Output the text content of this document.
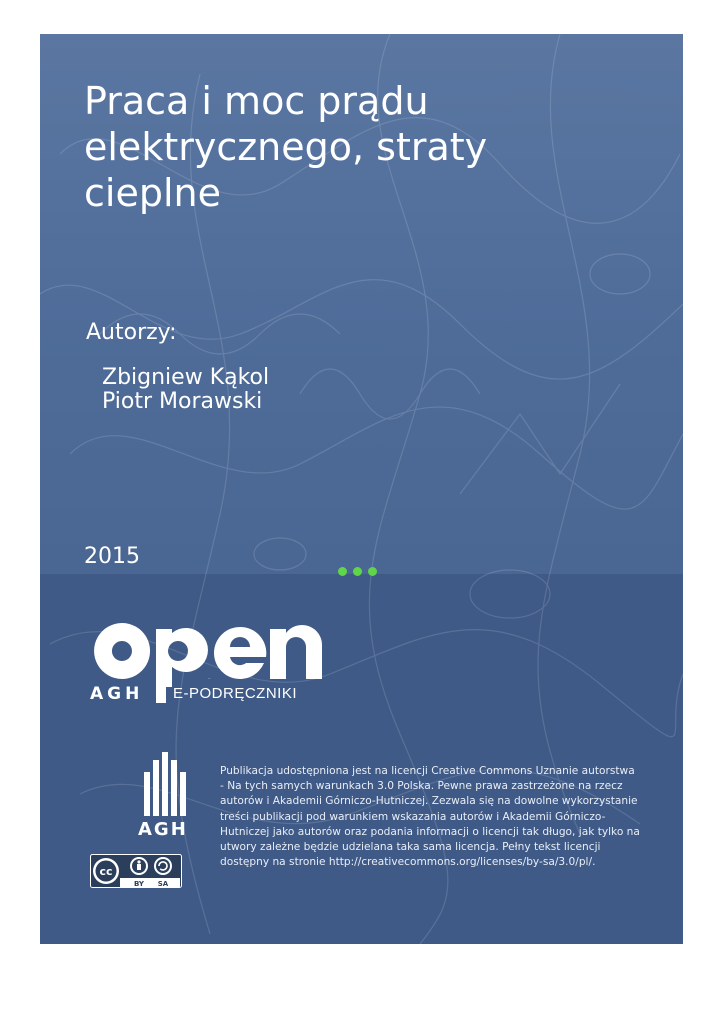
Praca i moc prądu
elektrycznego, straty
cieplne
Autorzy:
Zbigniew Kąkol
Piotr Morawski
2015
open
AGH E-PODRĘCZNIKI
AGH
cc
BY SA

Publikacja udostępniona jest na licencji Creative Commons Uznanie autorstwa - Na tych samych warunkach 3.0 Polska. Pewne prawa zastrzeżone na rzecz autorów i Akademii Górniczo-Hutniczej. Zezwala się na dowolne wykorzystanie treści publikacji pod warunkiem wskazania autorów i Akademii Górniczo-Hutniczej jako autorów oraz podania informacji o licencji tak długo, jak tylko na utwory zależne będzie udzielana taka sama licencja. Pełny tekst licencji dostępny na stronie http://creativecommons.org/licenses/by-sa/3.0/pl/.
